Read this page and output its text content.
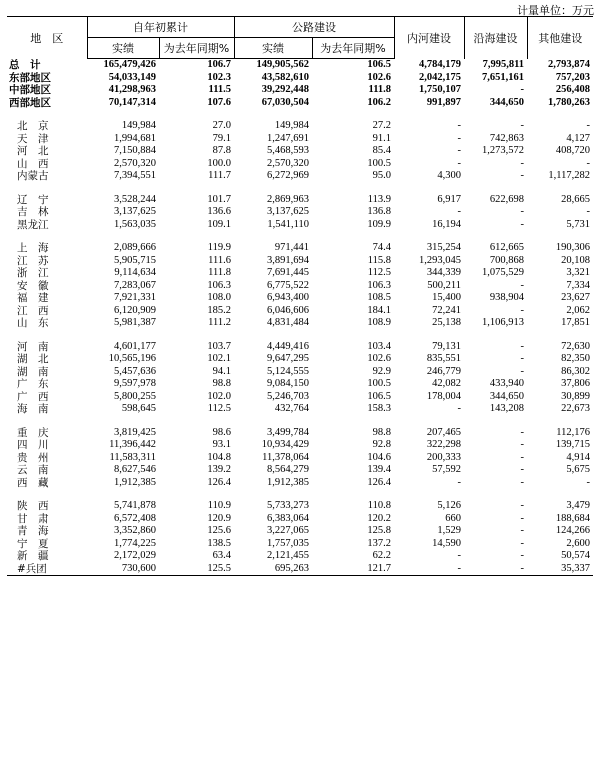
计量单位：万元
地　区	自年初累计		公路建设		内河建设	沿海建设	其他建设
	实绩	为去年同期%	实绩	为去年同期%			
总　计	165,479,426	106.7	149,905,562	106.5	4,784,179	7,995,811	2,793,874
东部地区	54,033,149	102.3	43,582,610	102.6	2,042,175	7,651,161	757,203
中部地区	41,298,963	111.5	39,292,448	111.8	1,750,107	-	256,408
西部地区	70,147,314	107.6	67,030,504	106.2	991,897	344,650	1,780,263

北　京	149,984	27.0	149,984	27.2	-	-	-
天　津	1,994,681	79.1	1,247,691	91.1	-	742,863	4,127
河　北	7,150,884	87.8	5,468,593	85.4	-	1,273,572	408,720
山　西	2,570,320	100.0	2,570,320	100.5	-	-	-
内蒙古	7,394,551	111.7	6,272,969	95.0	4,300	-	1,117,282

辽　宁	3,528,244	101.7	2,869,963	113.9	6,917	622,698	28,665
吉　林	3,137,625	136.6	3,137,625	136.8	-	-	-
黑龙江	1,563,035	109.1	1,541,110	109.9	16,194	-	5,731

上　海	2,089,666	119.9	971,441	74.4	315,254	612,665	190,306
江　苏	5,905,715	111.6	3,891,694	115.8	1,293,045	700,868	20,108
浙　江	9,114,634	111.8	7,691,445	112.5	344,339	1,075,529	3,321
安　徽	7,283,067	106.3	6,775,522	106.3	500,211	-	7,334
福　建	7,921,331	108.0	6,943,400	108.5	15,400	938,904	23,627
江　西	6,120,909	185.2	6,046,606	184.1	72,241	-	2,062
山　东	5,981,387	111.2	4,831,484	108.9	25,138	1,106,913	17,851

河　南	4,601,177	103.7	4,449,416	103.4	79,131	-	72,630
湖　北	10,565,196	102.1	9,647,295	102.6	835,551	-	82,350
湖　南	5,457,636	94.1	5,124,555	92.9	246,779	-	86,302
广　东	9,597,978	98.8	9,084,150	100.5	42,082	433,940	37,806
广　西	5,800,255	102.0	5,246,703	106.5	178,004	344,650	30,899
海　南	598,645	112.5	432,764	158.3	-	143,208	22,673

重　庆	3,819,425	98.6	3,499,784	98.8	207,465	-	112,176
四　川	11,396,442	93.1	10,934,429	92.8	322,298	-	139,715
贵　州	11,583,311	104.8	11,378,064	104.6	200,333	-	4,914
云　南	8,627,546	139.2	8,564,279	139.4	57,592	-	5,675
西　藏	1,912,385	126.4	1,912,385	126.4	-	-	-

陕　西	5,741,878	110.9	5,733,273	110.8	5,126	-	3,479
甘　肃	6,572,408	120.9	6,383,064	120.2	660	-	188,684
青　海	3,352,860	125.6	3,227,065	125.8	1,529	-	124,266
宁　夏	1,774,225	138.5	1,757,035	137.2	14,590	-	2,600
新　疆	2,172,029	63.4	2,121,455	62.2	-	-	50,574
#兵团	730,600	125.5	695,263	121.7	-	-	35,337
